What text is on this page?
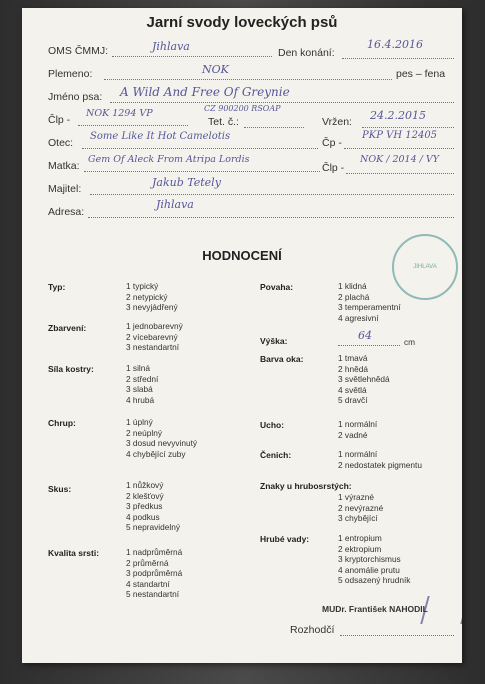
Jarní svody loveckých psů
OMS ČMMJ:	Jihlava	Den konání:
16.4.2016
Plemeno:	NOK	pes – fena
Jméno psa: A Wild And Free Of Greynie
Člp -
NOK 1294 VP
Tet. č.:
CZ 900200 RSOAP
Vržen: 24.2.2015
Otec:
Some Like It Hot Camelotis
Čp -
PKP VH 12405
Matka:
Gem Of Aleck From Atripa Lordis
Člp -
NOK / 2014 / VY
Majitel:	Jakub Tetely
Adresa:
Jihlava
JIHLAVA
HODNOCENÍ
Typ:	1 typický
2 netypický
3 nevyjádřený
Zbarvení:	1 jednobarevný
2 vícebarevný
3 nestandartní
Síla kostry:	1 silná
2 střední
3 slabá
4 hrubá
Chrup:	1 úplný
2 neúplný
3 dosud nevyvinutý
4 chybějící zuby
Skus:	1 nůžkový
2 klešťový
3 předkus
4 podkus
5 nepravidelný
Kvalita srsti:	1 nadprůměrná
2 průměrná
3 podprůměrná
4 standartní
5 nestandartní
Povaha:	1 klidná
2 plachá
3 temperamentní
4 agresivní
Výška:	64	cm
Barva oka:	1 tmavá
2 hnědá
3 světlehnědá
4 světlá
5 dravčí
Ucho:	1 normální
2 vadné
Čenich:	1 normální
2 nedostatek pigmentu
Znaky u hrubosrstých:
1 výrazné
2 nevýrazné
3 chybějící
Hrubé vady:	1 entropium
2 ektropium
3 kryptorchismus
4 anomálie prutu
5 odsazený hrudník
MUDr. František NAHODIL
Rozhodčí
